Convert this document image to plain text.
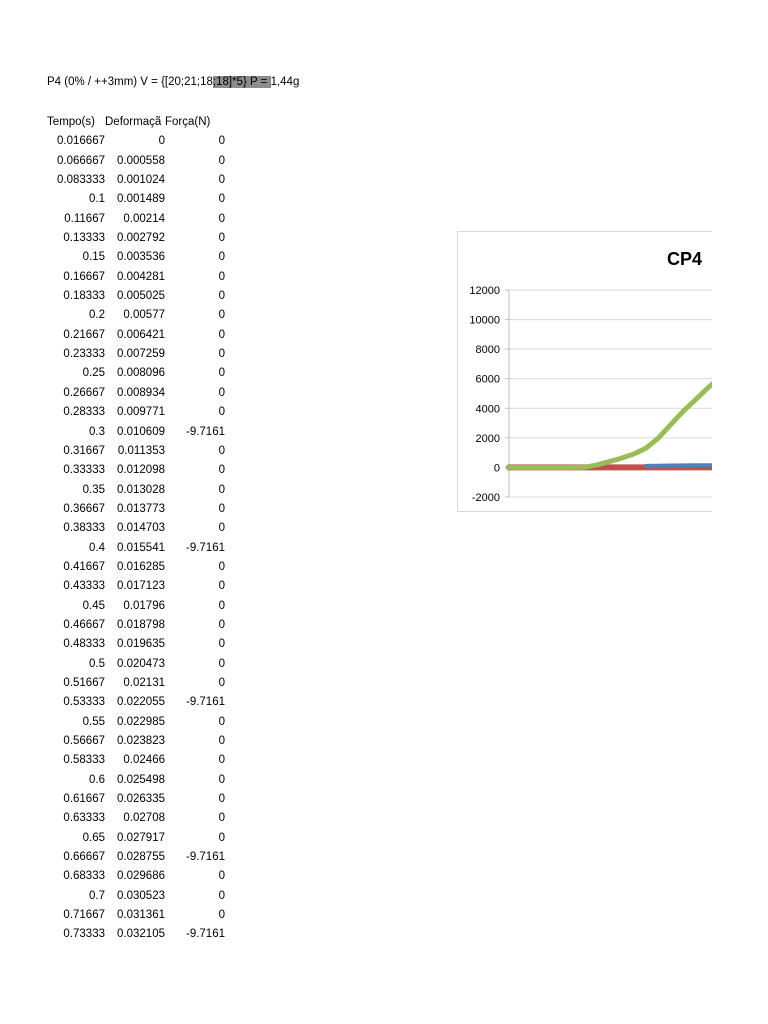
P4 (0% / ++3mm) V = {[20;21;18;18]*5} P = 1,44g
Tempo(s)	Deformaçã	Força(N)
0.016667	0	0
0.066667	0.000558	0
0.083333	0.001024	0
0.1	0.001489	0
0.11667	0.00214	0
0.13333	0.002792	0
0.15	0.003536	0
0.16667	0.004281	0
0.18333	0.005025	0
0.2	0.00577	0
0.21667	0.006421	0
0.23333	0.007259	0
0.25	0.008096	0
0.26667	0.008934	0
0.28333	0.009771	0
0.3	0.010609	-9.7161
0.31667	0.011353	0
0.33333	0.012098	0
0.35	0.013028	0
0.36667	0.013773	0
0.38333	0.014703	0
0.4	0.015541	-9.7161
0.41667	0.016285	0
0.43333	0.017123	0
0.45	0.01796	0
0.46667	0.018798	0
0.48333	0.019635	0
0.5	0.020473	0
0.51667	0.02131	0
0.53333	0.022055	-9.7161
0.55	0.022985	0
0.56667	0.023823	0
0.58333	0.02466	0
0.6	0.025498	0
0.61667	0.026335	0
0.63333	0.02708	0
0.65	0.027917	0
0.66667	0.028755	-9.7161
0.68333	0.029686	0
0.7	0.030523	0
0.71667	0.031361	0
0.73333	0.032105	-9.7161
CP4
12000
10000
8000
6000
4000
2000
0
-2000
